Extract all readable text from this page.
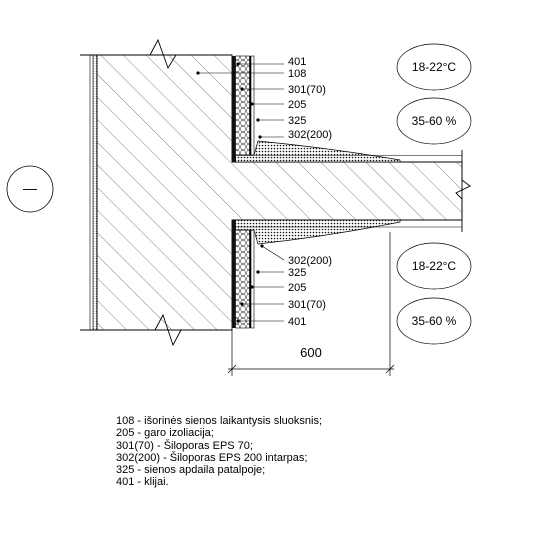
—
401
108
301(70)
205
325
302(200)
302(200)
325
205
301(70)
401
18-22°C
35-60 %
18-22°C
35-60 %
600
108 - išorinės sienos laikantysis sluoksnis;
205 - garo izoliacija;
301(70) - Šiloporas EPS 70;
302(200) - Šiloporas EPS 200 intarpas;
325 - sienos apdaila patalpoje;
401 - klijai.
